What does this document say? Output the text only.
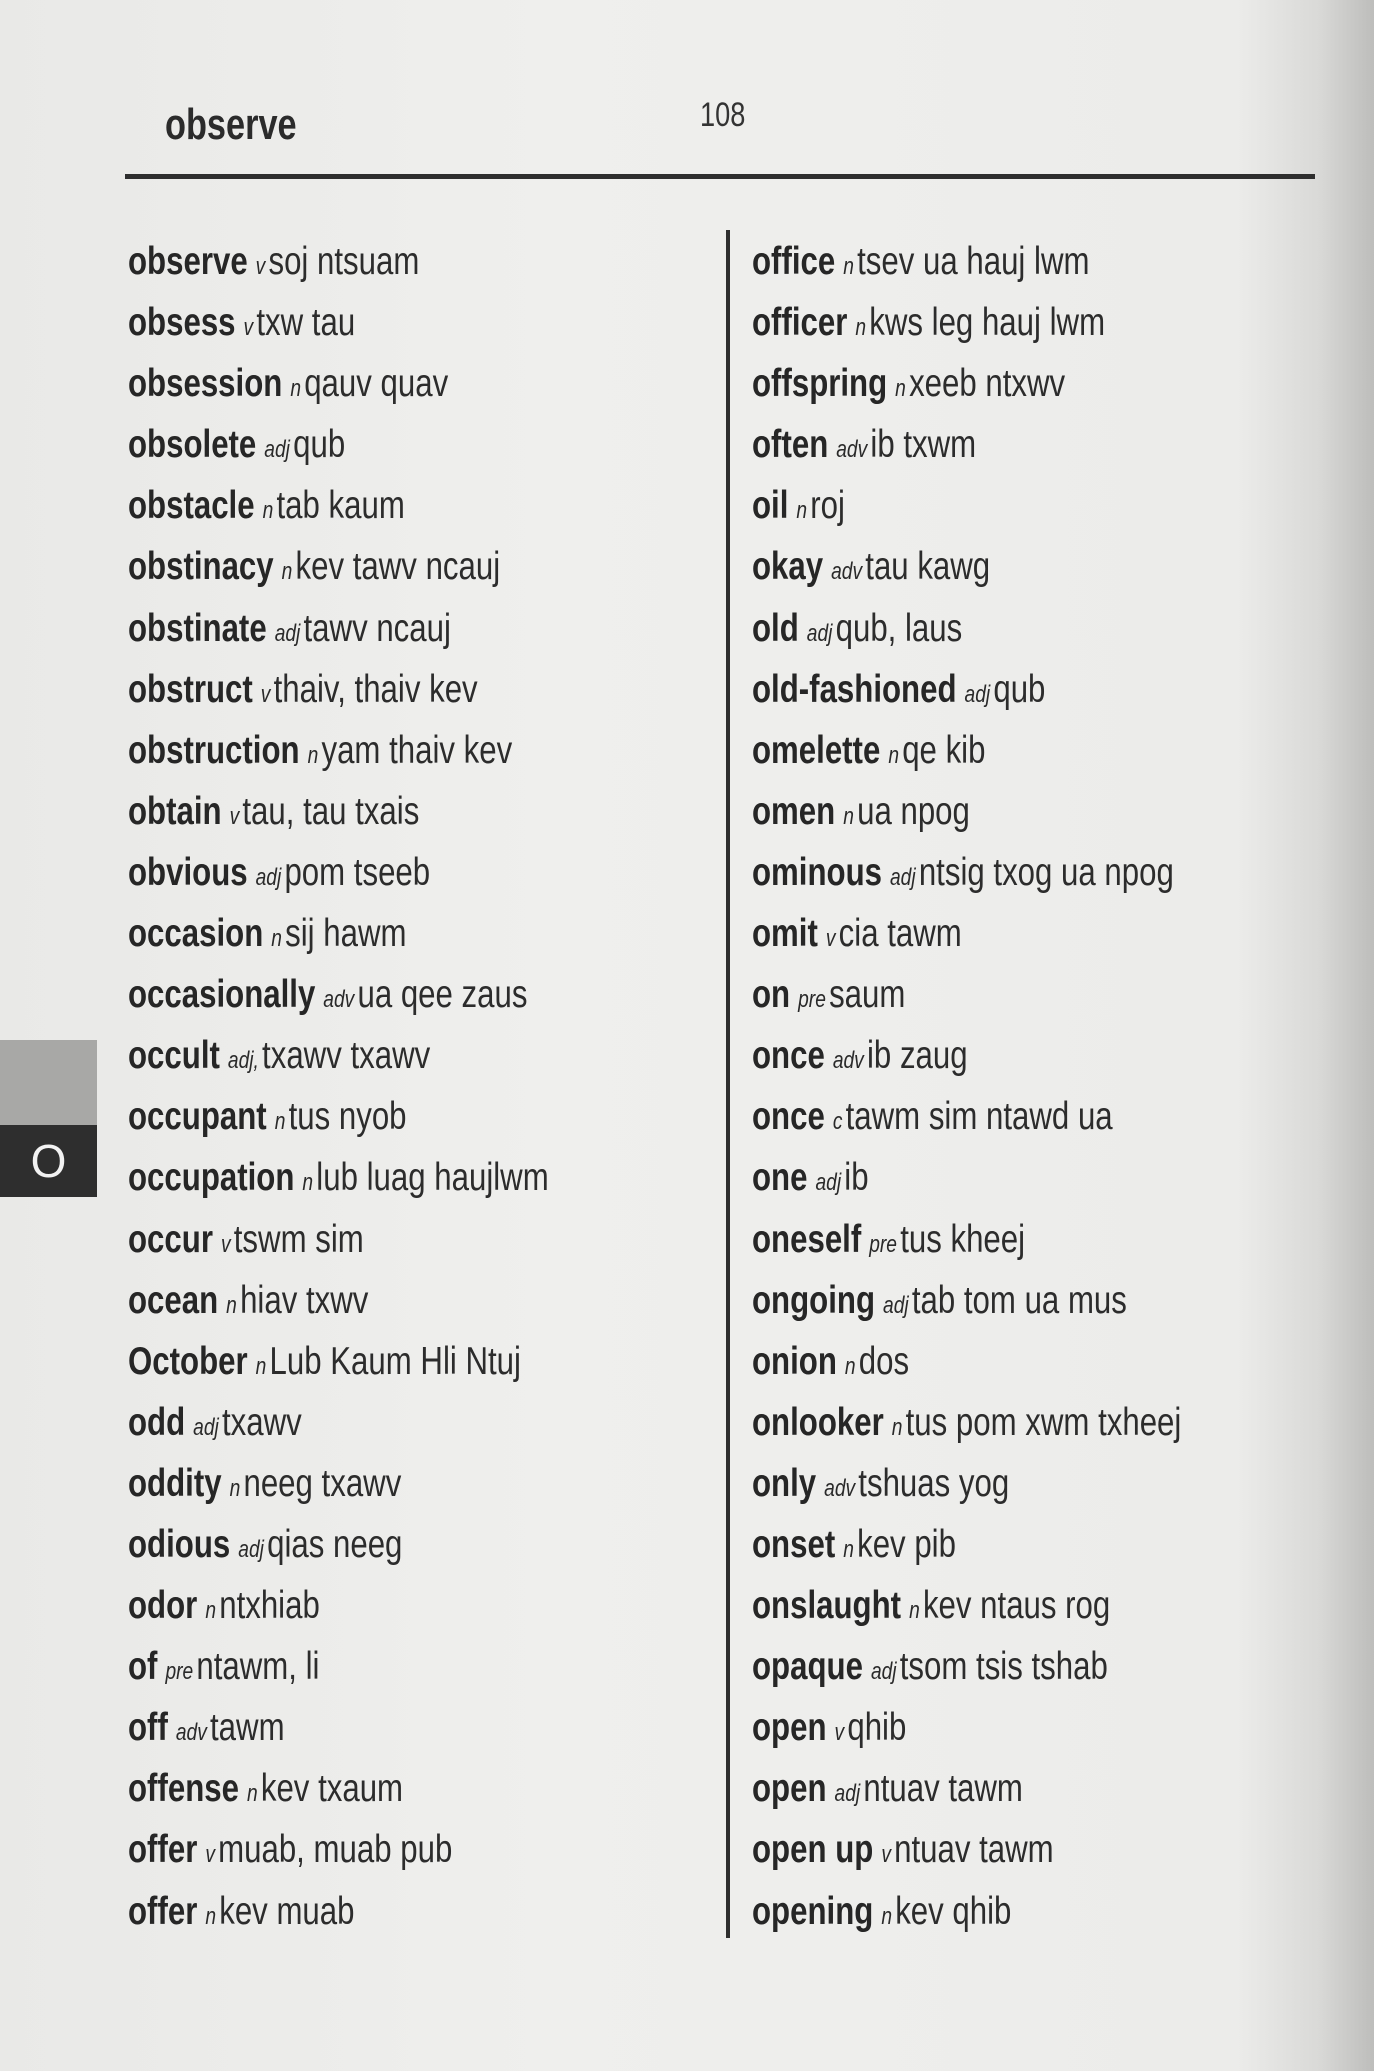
observe	108
observe vsoj ntsuam
obsess vtxw tau
obsession nqauv quav
obsolete adjqub
obstacle ntab kaum
obstinacy nkev tawv ncauj
obstinate adjtawv ncauj
obstruct vthaiv, thaiv kev
obstruction nyam thaiv kev
obtain vtau, tau txais
obvious adjpom tseeb
occasion nsij hawm
occasionally advua qee zaus
occult adj,txawv txawv
occupant ntus nyob
occupation nlub luag haujlwm
occur vtswm sim
ocean nhiav txwv
October nLub Kaum Hli Ntuj
odd adjtxawv
oddity nneeg txawv
odious adjqias neeg
odor nntxhiab
of prentawm, li
off advtawm
offense nkev txaum
offer vmuab, muab pub
offer nkev muab
office ntsev ua hauj lwm
officer nkws leg hauj lwm
offspring nxeeb ntxwv
often advib txwm
oil nroj
okay advtau kawg
old adjqub, laus
old-fashioned adjqub
omelette nqe kib
omen nua npog
ominous adjntsig txog ua npog
omit vcia tawm
on presaum
once advib zaug
once ctawm sim ntawd ua
one adjib
oneself pretus kheej
ongoing adjtab tom ua mus
onion ndos
onlooker ntus pom xwm txheej
only advtshuas yog
onset nkev pib
onslaught nkev ntaus rog
opaque adjtsom tsis tshab
open vqhib
open adjntuav tawm
open up vntuav tawm
opening nkev qhib
O
